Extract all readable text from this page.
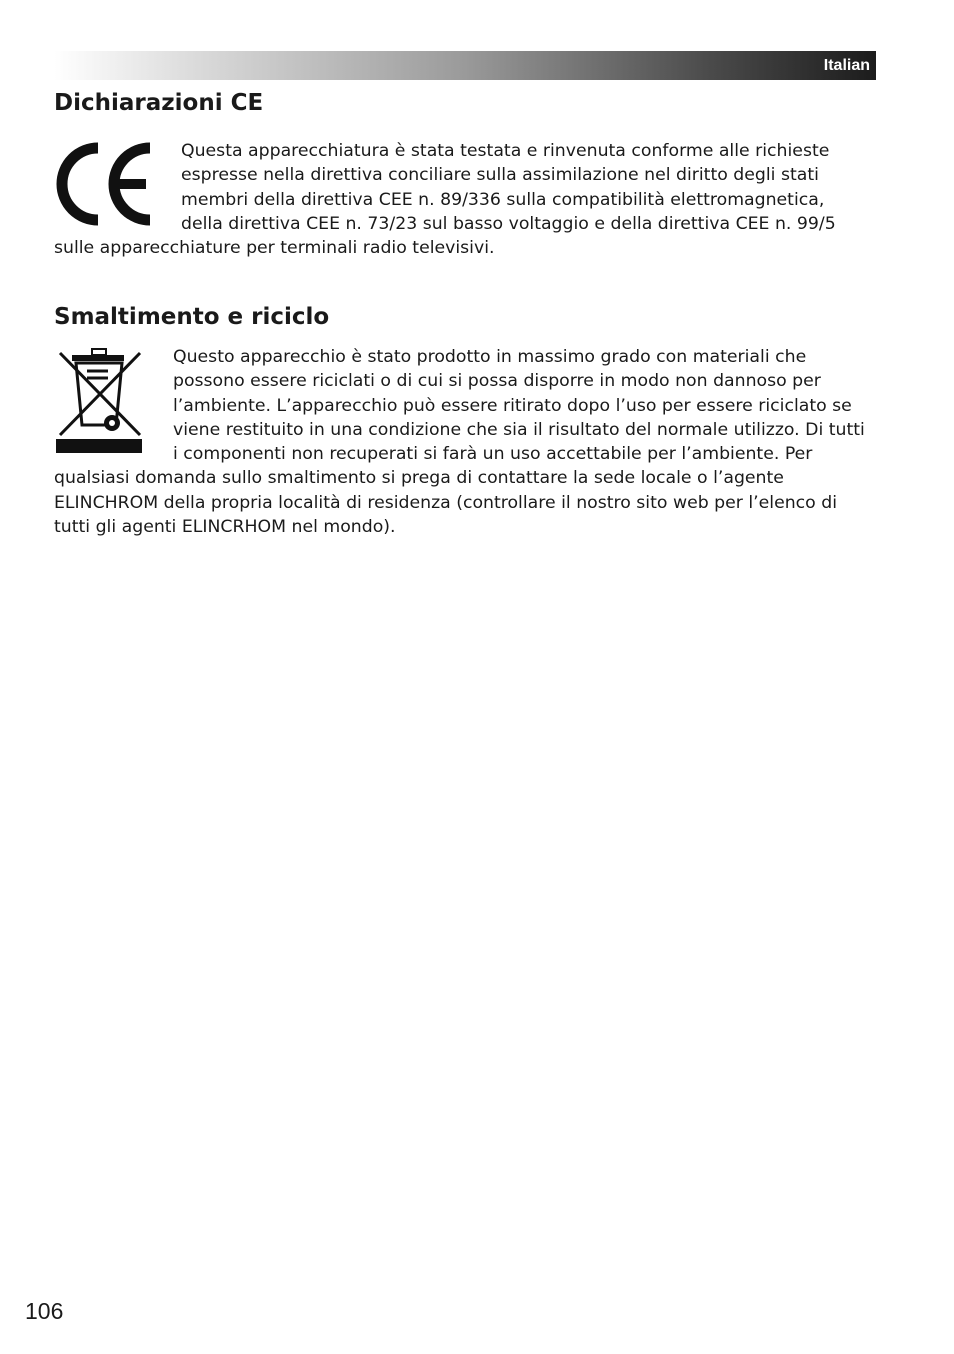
Italian
Dichiarazioni CE
Questa apparecchiatura è stata testata e rinvenuta conforme alle richieste espresse nella direttiva conciliare sulla assimilazione nel diritto degli stati membri della direttiva CEE n. 89/336 sulla compatibilità elettromagnetica, della direttiva CEE n. 73/23 sul basso voltaggio e della direttiva CEE n. 99/5 sulle apparecchiature per terminali radio televisivi.
Smaltimento e riciclo
Questo apparecchio è stato prodotto in massimo grado con materiali che possono essere riciclati o di cui si possa disporre in modo non dannoso per l’ambiente. L’apparecchio può essere ritirato dopo l’uso per essere riciclato se viene restituito in una condizione che sia il risultato del normale utilizzo. Di tutti i componenti non recuperati si farà un uso accettabile per l’ambiente. Per qualsiasi domanda sullo smaltimento si prega di contattare la sede locale o l’agente ELINCHROM della propria località di residenza (controllare il nostro sito web per l’elenco di tutti gli agenti ELINCRHOM nel mondo).
106
